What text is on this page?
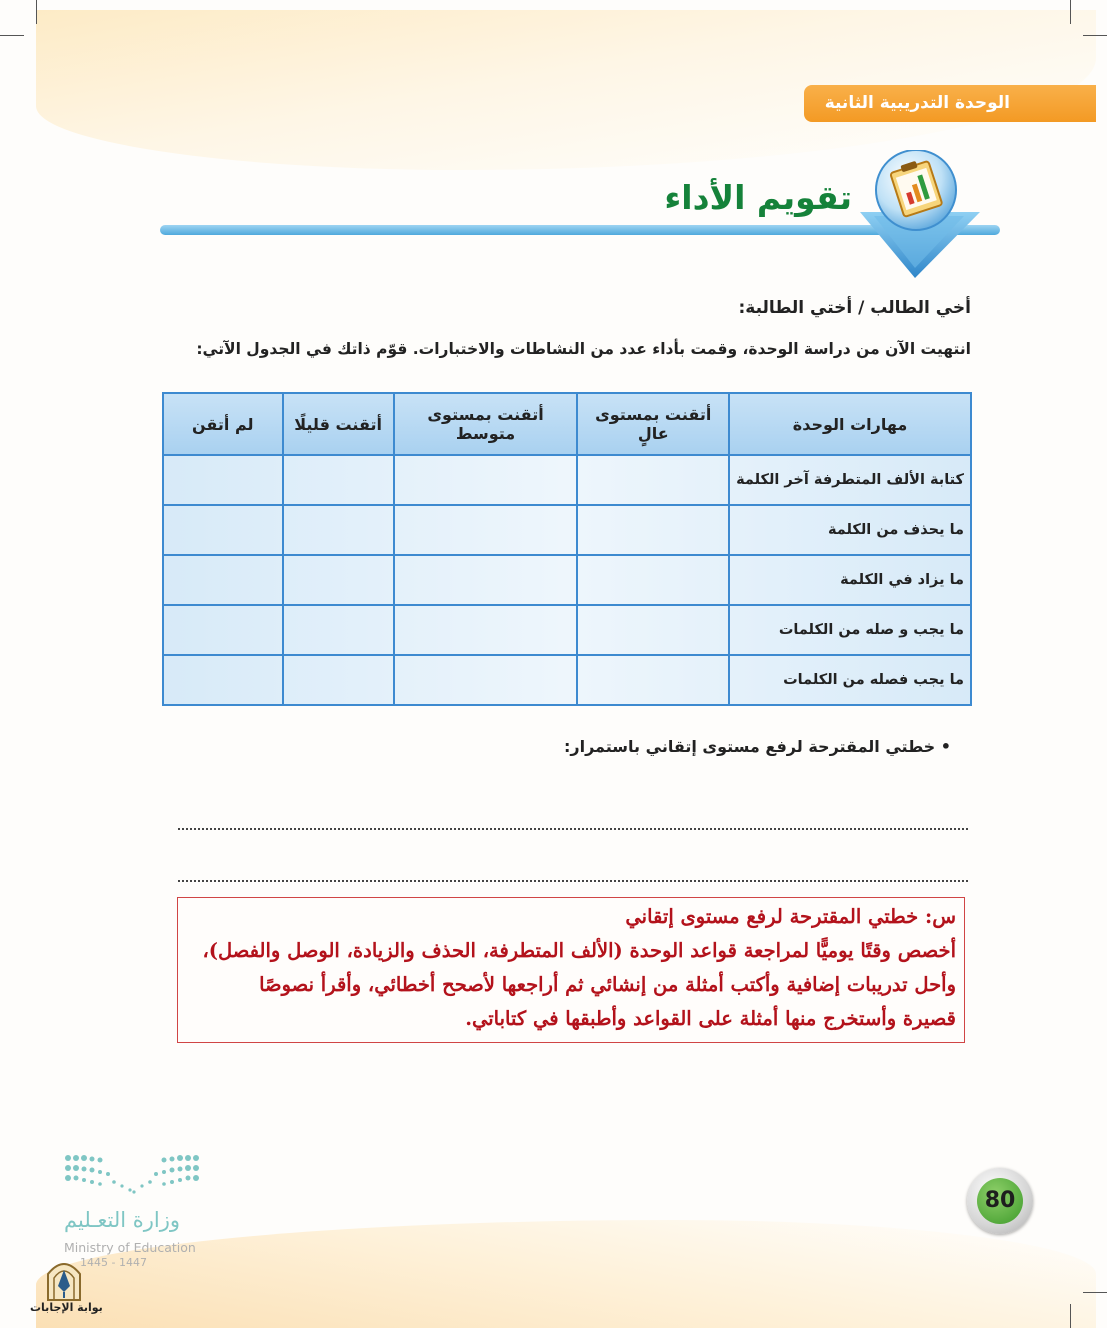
الوحدة التدريبية الثانية
تقويم الأداء
أخي الطالب / أختي الطالبة:
انتهيت الآن من دراسة الوحدة، وقمت بأداء عدد من النشاطات والاختبارات. قوّم ذاتك في الجدول الآتي:
مهارات الوحدة	أتقنت بمستوى عالٍ	أتقنت بمستوى متوسط	أتقنت قليلًا	لم أتقن
كتابة الألف المتطرفة آخر الكلمة				
ما يحذف من الكلمة				
ما يزاد في الكلمة				
ما يجب و صله من الكلمات				
ما يجب فصله من الكلمات				
• خطتي المقترحة لرفع مستوى إتقاني باستمرار:
س: خطتي المقترحة لرفع مستوى إتقاني
أخصص وقتًا يوميًّا لمراجعة قواعد الوحدة (الألف المتطرفة، الحذف والزيادة، الوصل والفصل)،
وأحل تدريبات إضافية وأكتب أمثلة من إنشائي ثم أراجعها لأصحح أخطائي، وأقرأ نصوصًا
قصيرة وأستخرج منها أمثلة على القواعد وأطبقها في كتاباتي.
80
وزارة التعـليم
Ministry of Education
1445 - 1447
بوابة الإجابات
